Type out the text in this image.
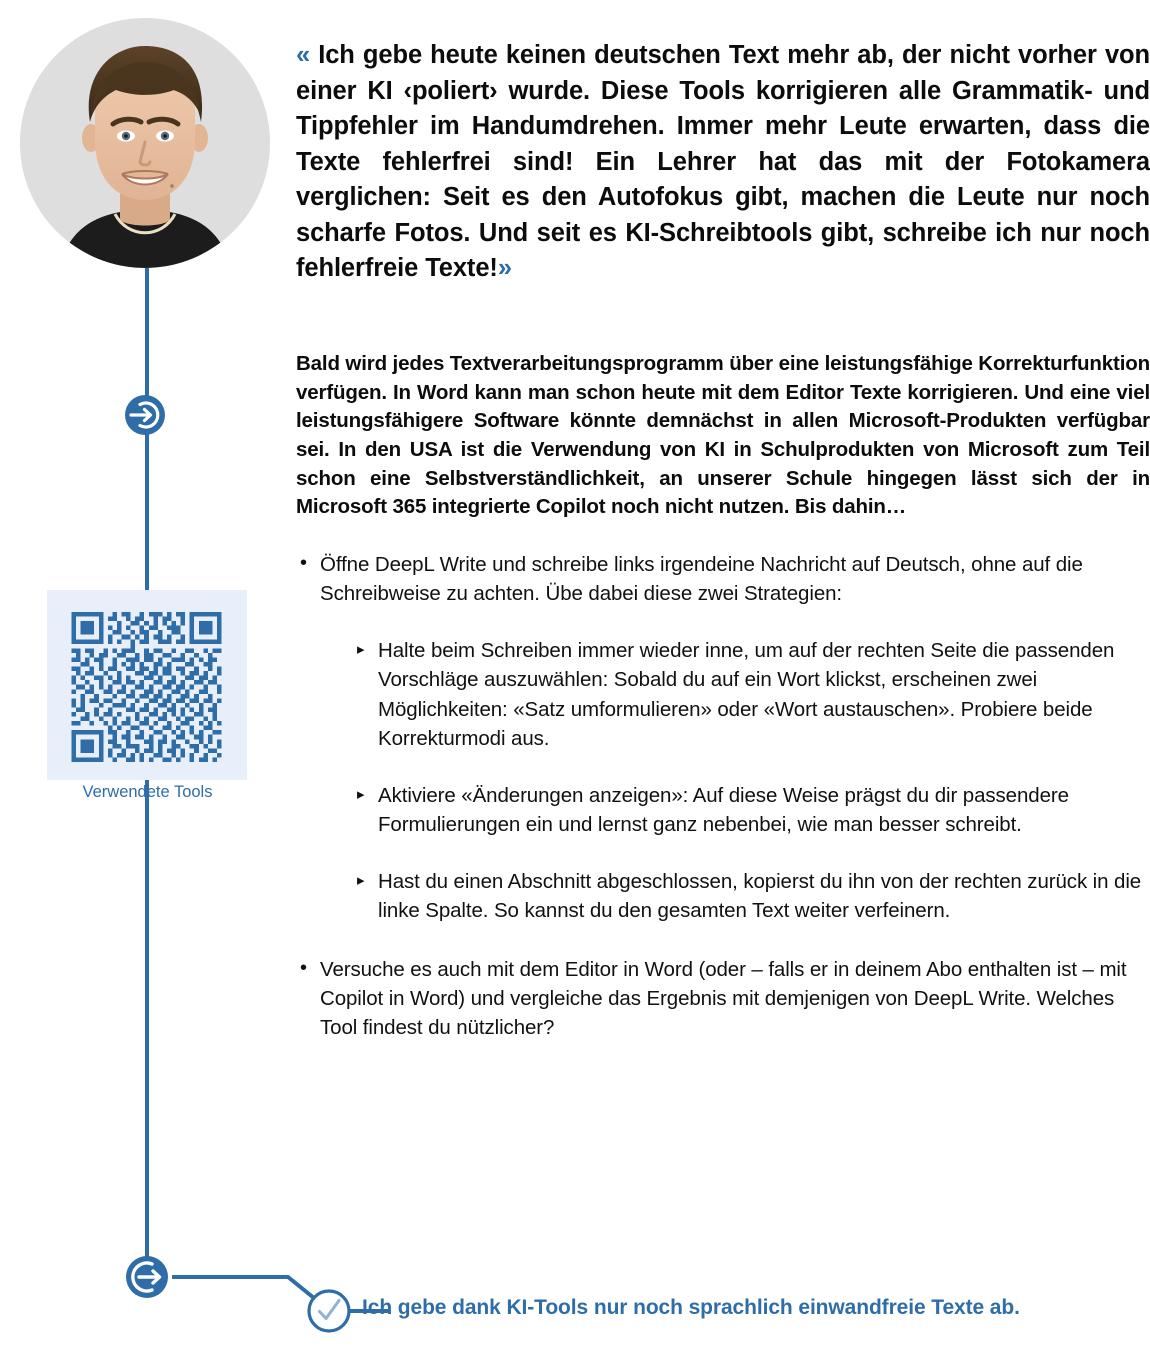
Verwendete Tools
Ich gebe dank KI-Tools nur noch sprachlich einwandfreie Texte ab.

« Ich gebe heute keinen deutschen Text mehr ab, der nicht vorher von einer KI ‹poliert› wurde. Diese Tools korrigieren alle Grammatik- und Tippfehler im Handumdrehen. Immer mehr Leute erwarten, dass die Texte fehlerfrei sind! Ein Lehrer hat das mit der Fotokamera verglichen: Seit es den Autofokus gibt, machen die Leute nur noch scharfe Fotos. Und seit es KI-Schreibtools gibt, schreibe ich nur noch fehlerfreie Texte!»

Bald wird jedes Textverarbeitungsprogramm über eine leistungsfähige Korrekturfunktion verfügen. In Word kann man schon heute mit dem Editor Texte korrigieren. Und eine viel leistungsfähigere Software könnte demnächst in allen Microsoft-Produkten verfügbar sei. In den USA ist die Verwendung von KI in Schulprodukten von Microsoft zum Teil schon eine Selbstverständlichkeit, an unserer Schule hingegen lässt sich der in Microsoft 365 integrierte Copilot noch nicht nutzen. Bis dahin…

• Öffne DeepL Write und schreibe links irgendeine Nachricht auf Deutsch, ohne auf die Schreibweise zu achten. Übe dabei diese zwei Strategien:
▸ Halte beim Schreiben immer wieder inne, um auf der rechten Seite die passenden Vorschläge auszuwählen: Sobald du auf ein Wort klickst, erscheinen zwei Möglichkeiten: «Satz umformulieren» oder «Wort austauschen». Probiere beide Korrekturmodi aus.
▸ Aktiviere «Änderungen anzeigen»: Auf diese Weise prägst du dir passendere Formulierungen ein und lernst ganz nebenbei, wie man besser schreibt.
▸ Hast du einen Abschnitt abgeschlossen, kopierst du ihn von der rechten zurück in die linke Spalte. So kannst du den gesamten Text weiter verfeinern.
• Versuche es auch mit dem Editor in Word (oder – falls er in deinem Abo enthalten ist – mit Copilot in Word) und vergleiche das Ergebnis mit demjenigen von DeepL Write. Welches Tool findest du nützlicher?
